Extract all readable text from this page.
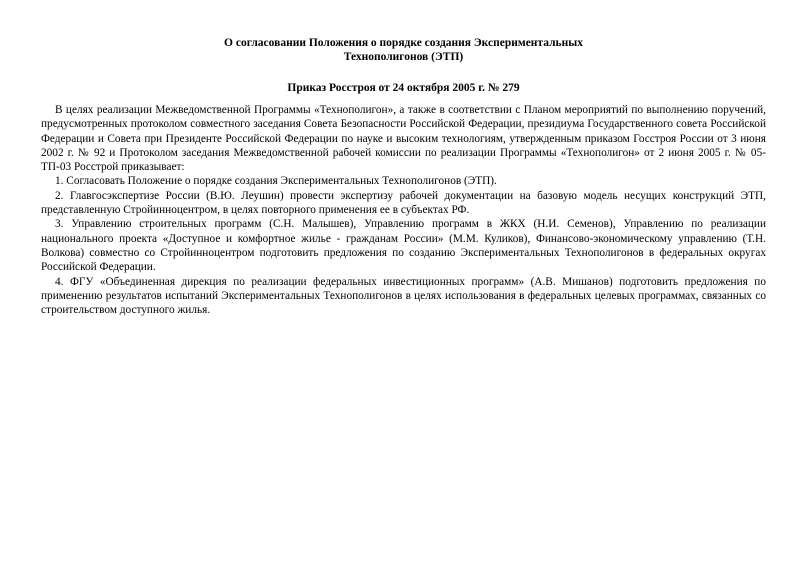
О согласовании Положения о порядке создания Экспериментальных
Технополигонов (ЭТП)

Приказ Росстроя от 24 октября 2005 г. № 279

В целях реализации Межведомственной Программы «Технополигон», а также в соответствии с Планом мероприятий по выполнению поручений, предусмотренных протоколом совместного заседания Совета Безопасности Российской Федерации, президиума Государственного совета Российской Федерации и Совета при Президенте Российской Федерации по науке и высоким технологиям, утвержденным приказом Госстроя России от 3 июня 2002 г. № 92 и Протоколом заседания Межведомственной рабочей комиссии по реализации Программы «Технополигон» от 2 июня 2005 г. № 05-ТП-03 Росстрой приказывает:

1. Согласовать Положение о порядке создания Экспериментальных Технополигонов (ЭТП).

2. Главгосэкспертизе России (В.Ю. Леушин) провести экспертизу рабочей документации на базовую модель несущих конструкций ЭТП, представленную Стройинноцентром, в целях повторного применения ее в субъектах РФ.

3. Управлению строительных программ (С.Н. Малышев), Управлению программ в ЖКХ (Н.И. Семенов), Управлению по реализации национального проекта «Доступное и комфортное жилье - гражданам России» (М.М. Куликов), Финансово-экономическому управлению (Т.Н. Волкова) совместно со Стройинноцентром подготовить предложения по созданию Экспериментальных Технополигонов в федеральных округах Российской Федерации.

4. ФГУ «Объединенная дирекция по реализации федеральных инвестиционных программ» (А.В. Мишанов) подготовить предложения по применению результатов испытаний Экспериментальных Технополигонов в целях использования в федеральных целевых программах, связанных со строительством доступного жилья.
